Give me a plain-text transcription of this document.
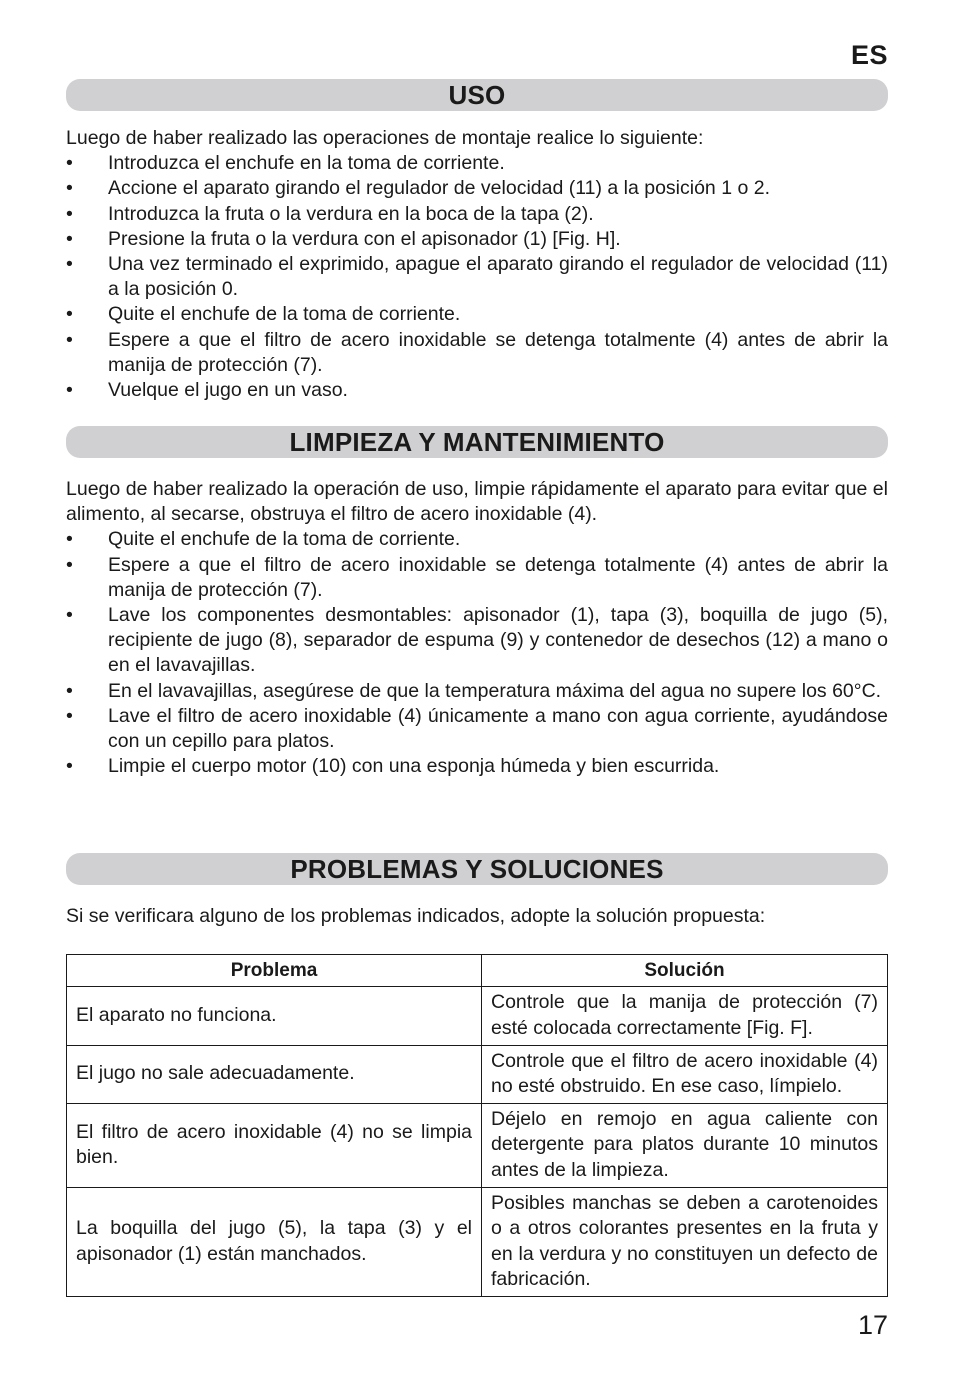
ES
USO

Luego de haber realizado las operaciones de montaje realice lo siguiente:

•	Introduzca el enchufe en la toma de corriente.
•	Accione el aparato girando el regulador de velocidad (11) a la posición 1 o 2.
•	Introduzca la fruta o la verdura en la boca de la tapa (2).
•	Presione la fruta o la verdura con el apisonador (1) [Fig. H].
•	Una vez terminado el exprimido, apague el aparato girando el regulador de velocidad (11) a la posición 0.
•	Quite el enchufe de la toma de corriente.
•	Espere a que el filtro de acero inoxidable se detenga totalmente (4) antes de abrir la manija de protección (7).
•	Vuelque el jugo en un vaso.
LIMPIEZA Y MANTENIMIENTO

Luego de haber realizado la operación de uso, limpie rápidamente el aparato para evitar que el alimento, al secarse, obstruya el filtro de acero inoxidable (4).

•	Quite el enchufe de la toma de corriente.
•	Espere a que el filtro de acero inoxidable se detenga totalmente (4) antes de abrir la manija de protección (7).
•	Lave los componentes desmontables: apisonador (1), tapa (3), boquilla de jugo (5), recipiente de jugo (8), separador de espuma (9) y contenedor de desechos (12) a mano o en el lavavajillas.
•	En el lavavajillas, asegúrese de que la temperatura máxima del agua no supere los 60°C.
•	Lave el filtro de acero inoxidable (4) únicamente a mano con agua corriente, ayudándose con un cepillo para platos.
•	Limpie el cuerpo motor (10) con una esponja húmeda y bien escurrida.
PROBLEMAS Y SOLUCIONES

Si se verificara alguno de los problemas indicados, adopte la solución propuesta:

Problema	Solución
El aparato no funciona.	Controle que la manija de protección (7) esté colocada correctamente [Fig. F].
El jugo no sale adecuadamente.	Controle que el filtro de acero inoxidable (4) no esté obstruido. En ese caso, límpielo.
El filtro de acero inoxidable (4) no se limpia bien.	Déjelo en remojo en agua caliente con detergente para platos durante 10 minutos antes de la limpieza.
La boquilla del jugo (5), la tapa (3) y el apisonador (1) están manchados.	Posibles manchas se deben a carotenoides o a otros colorantes presentes en la fruta y en la verdura y no constituyen un defecto de fabricación.
17
